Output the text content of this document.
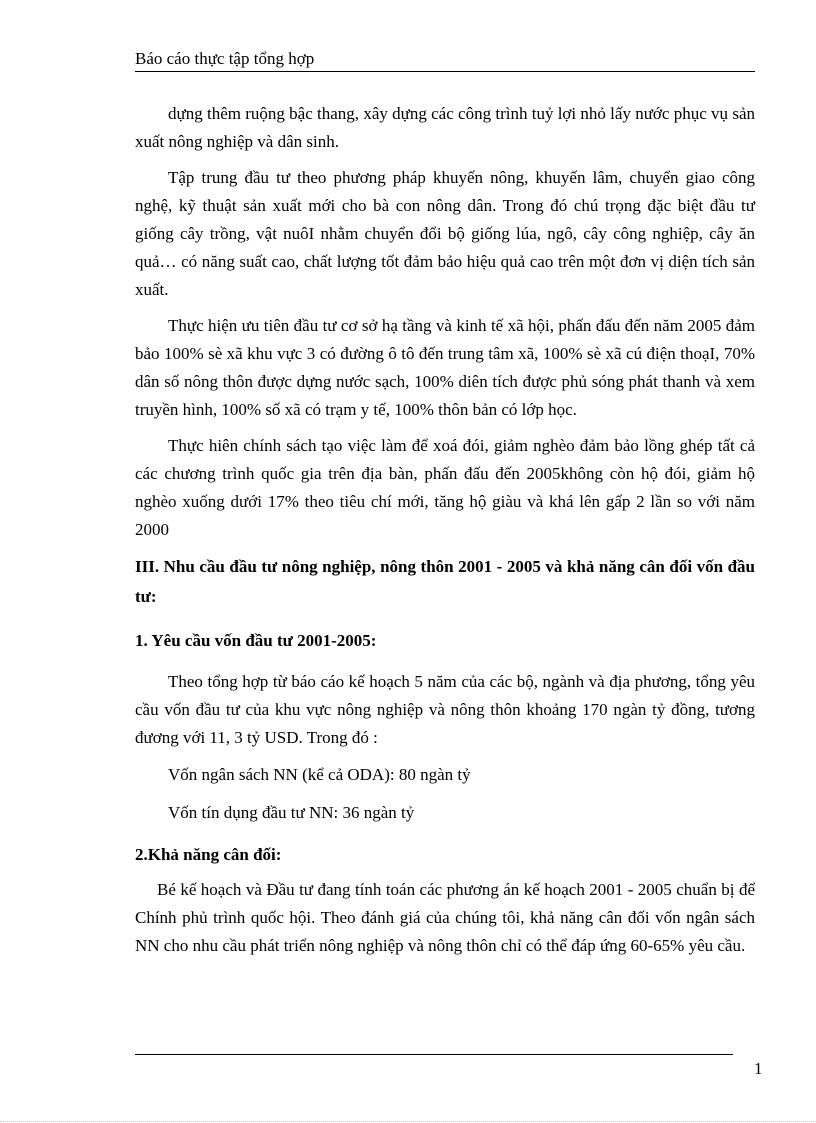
Báo cáo thực tập tổng hợp

dựng thêm ruộng bậc thang, xây dựng các công trình tuỷ lợi nhỏ lấy nước phục vụ sản xuất nông nghiệp và dân sinh.

Tập trung đầu tư theo phương pháp khuyến nông, khuyến lâm, chuyển giao công nghệ, kỹ thuật sản xuất mới cho bà con nông dân. Trong đó chú trọng đặc biệt đầu tư giống cây trồng, vật nuôI nhằm chuyển đổi bộ giống lúa, ngô, cây công nghiệp, cây ăn quả… có năng suất cao, chất lượng tốt đảm bảo hiệu quả cao trên một đơn vị diện tích sản xuất.

Thực hiện ưu tiên đầu tư cơ sở hạ tầng và kinh tế xã hội, phấn đấu đến năm 2005 đảm bảo 100% sè xã khu vực 3 có đường ô tô đến trung tâm xã, 100% sè xã cú điện thoạI, 70% dân số nông thôn được dựng nước sạch, 100% diên tích được phủ sóng phát thanh và xem truyền hình, 100% số xã có trạm y tế, 100% thôn bản có lớp học.

Thực hiên chính sách tạo việc làm để xoá đói, giảm nghèo đảm bảo lồng ghép tất cả các chương trình quốc gia trên địa bàn, phấn đấu đến 2005không còn hộ đói, giảm hộ nghèo xuống dưới 17% theo tiêu chí mới, tăng hộ giàu và khá lên gấp 2 lần so với năm 2000

III. Nhu cầu đầu tư nông nghiệp, nông thôn 2001 - 2005 và khả năng cân đối vốn đầu tư:

1. Yêu cầu vốn đầu tư 2001-2005:

Theo tổng hợp từ báo cáo kế hoạch 5 năm của các bộ, ngành và địa phương, tổng yêu cầu vốn đầu tư của khu vực nông nghiệp và nông thôn khoảng 170 ngàn tỷ đồng, tương đương với 11, 3 tỷ USD. Trong đó :

Vốn ngân sách NN (kể cả ODA): 80 ngàn tỷ

Vốn tín dụng đầu tư NN: 36 ngàn tỷ

2.Khả năng cân đối:

Bé kế hoạch và Đầu tư đang tính toán các phương án kế hoạch 2001 - 2005 chuẩn bị để Chính phủ trình quốc hội. Theo đánh giá của chúng tôi, khả năng cân đối vốn ngân sách NN cho nhu cầu phát triển nông nghiệp và nông thôn chỉ có thể đáp ứng 60-65% yêu cầu.

1
